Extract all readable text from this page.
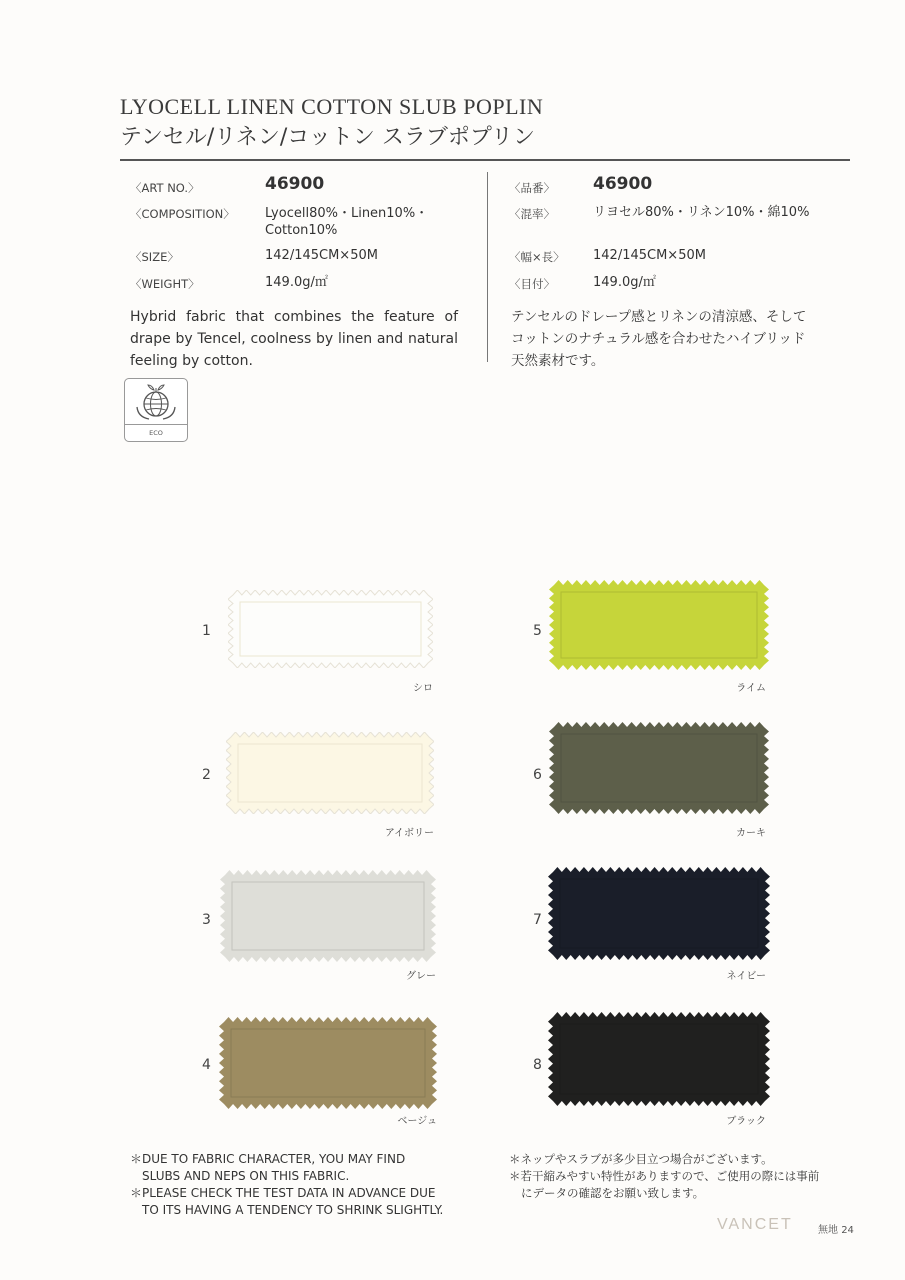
LYOCELL LINEN COTTON SLUB POPLIN
テンセル/リネン/コットン スラブポプリン
〈ART NO.〉	46900
〈COMPOSITION〉 Lyocell80%・Linen10%・
Cotton10%
〈SIZE〉	142/145CM×50M
〈WEIGHT〉	149.0g/㎡
〈品番〉 46900
〈混率〉	リヨセル80%・リネン10%・綿10%
〈幅×長〉 142/145CM×50M
〈目付〉	149.0g/㎡
Hybrid fabric that combines the feature of drape by Tencel, coolness by linen and natural feeling by cotton.
テンセルのドレープ感とリネンの清涼感、そして
コットンのナチュラル感を合わせたハイブリッド
天然素材です。
ECO
1
シロ
2
アイボリー
3
グレー
4
ベージュ
5
ライム
6
カーキ
7
ネイビー
8
ブラック
＊DUE TO FABRIC CHARACTER, YOU MAY FIND
SLUBS AND NEPS ON THIS FABRIC.
＊PLEASE CHECK THE TEST DATA IN ADVANCE DUE
TO ITS HAVING A TENDENCY TO SHRINK SLIGHTLY.
＊ネップやスラブが多少目立つ場合がございます。
＊若干縮みやすい特性がありますので、ご使用の際には事前
にデータの確認をお願い致します。
VANCET	無地 24
